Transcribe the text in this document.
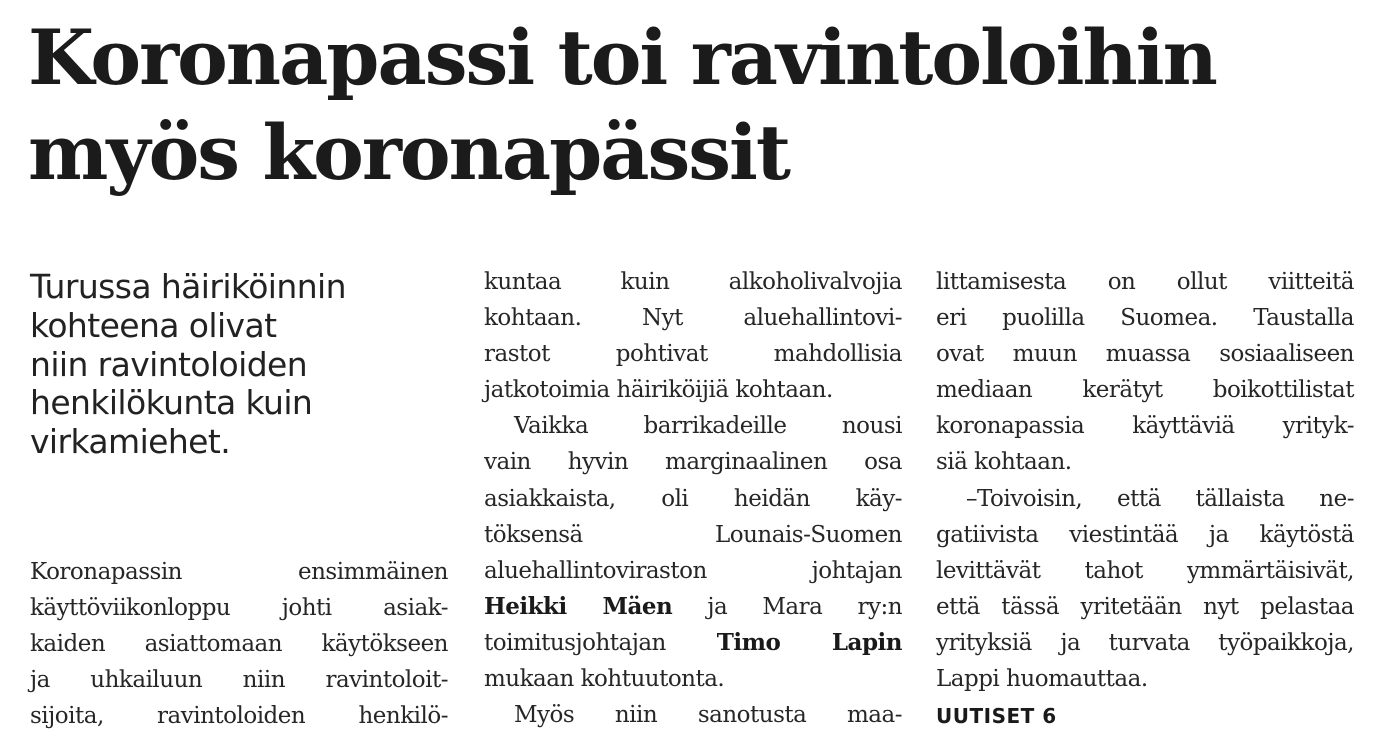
Koronapassi toi ravintoloihin
myös koronapässit
Turussa häiriköinnin
kohteena olivat
niin ravintoloiden
henkilökunta kuin
virkamiehet.
Koronapassin ensimmäinen
käyttöviikonloppu johti asiak-
kaiden asiattomaan käytökseen
ja uhkailuun niin ravintoloit-
sijoita, ravintoloiden henkilö-
kuntaa kuin alkoholivalvojia
kohtaan. Nyt aluehallintovi-
rastot pohtivat mahdollisia
jatkotoimia häiriköijiä kohtaan.
Vaikka barrikadeille nousi
vain hyvin marginaalinen osa
asiakkaista, oli heidän käy-
töksensä Lounais-Suomen
aluehallintoviraston johtajan
Heikki Mäen ja Mara ry:n
toimitusjohtajan Timo Lapin
mukaan kohtuutonta.
Myös niin sanotusta maa-
littamisesta on ollut viitteitä
eri puolilla Suomea. Taustalla
ovat muun muassa sosiaaliseen
mediaan kerätyt boikottilistat
koronapassia käyttäviä yrityk-
siä kohtaan.
–Toivoisin, että tällaista ne-
gatiivista viestintää ja käytöstä
levittävät tahot ymmärtäisivät,
että tässä yritetään nyt pelastaa
yrityksiä ja turvata työpaikkoja,
Lappi huomauttaa.
UUTISET 6
